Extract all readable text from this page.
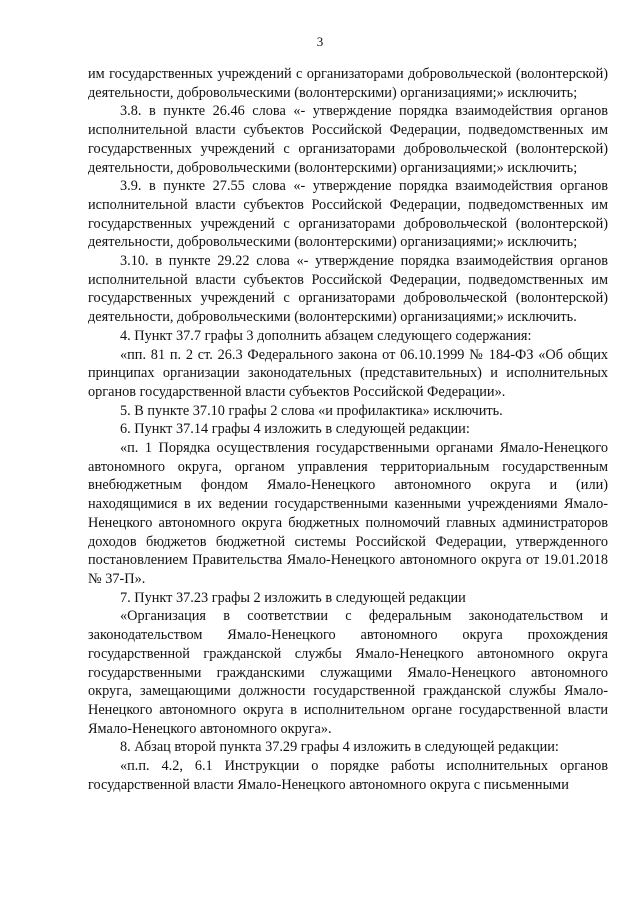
3

им государственных учреждений с организаторами добровольческой (волонтерской) деятельности, добровольческими (волонтерскими) организациями;» исключить;

3.8. в пункте 26.46 слова «- утверждение порядка взаимодействия органов исполнительной власти субъектов Российской Федерации, подведомственных им государственных учреждений с организаторами добровольческой (волонтерской) деятельности, добровольческими (волонтерскими) организациями;» исключить;

3.9. в пункте 27.55 слова «- утверждение порядка взаимодействия органов исполнительной власти субъектов Российской Федерации, подведомственных им государственных учреждений с организаторами добровольческой (волонтерской) деятельности, добровольческими (волонтерскими) организациями;» исключить;

3.10. в пункте 29.22 слова «- утверждение порядка взаимодействия органов исполнительной власти субъектов Российской Федерации, подведомственных им государственных учреждений с организаторами добровольческой (волонтерской) деятельности, добровольческими (волонтерскими) организациями;» исключить.

4. Пункт 37.7 графы 3 дополнить абзацем следующего содержания:

«пп. 81 п. 2 ст. 26.3 Федерального закона от 06.10.1999 № 184-ФЗ «Об общих принципах организации законодательных (представительных) и исполнительных органов государственной власти субъектов Российской Федерации».

5. В пункте 37.10 графы 2 слова «и профилактика» исключить.

6. Пункт 37.14 графы 4 изложить в следующей редакции:

«п. 1 Порядка осуществления государственными органами Ямало-Ненецкого автономного округа, органом управления территориальным государственным внебюджетным фондом Ямало-Ненецкого автономного округа и (или) находящимися в их ведении государственными казенными учреждениями Ямало-Ненецкого автономного округа бюджетных полномочий главных администраторов доходов бюджетов бюджетной системы Российской Федерации, утвержденного постановлением Правительства Ямало-Ненецкого автономного округа от 19.01.2018 № 37-П».

7. Пункт 37.23 графы 2 изложить в следующей редакции

«Организация в соответствии с федеральным законодательством и законодательством Ямало-Ненецкого автономного округа прохождения государственной гражданской службы Ямало-Ненецкого автономного округа государственными гражданскими служащими Ямало-Ненецкого автономного округа, замещающими должности государственной гражданской службы Ямало-Ненецкого автономного округа в исполнительном органе государственной власти Ямало-Ненецкого автономного округа».

8. Абзац второй пункта 37.29 графы 4 изложить в следующей редакции:

«п.п. 4.2, 6.1 Инструкции о порядке работы исполнительных органов государственной власти Ямало-Ненецкого автономного округа с письменными
